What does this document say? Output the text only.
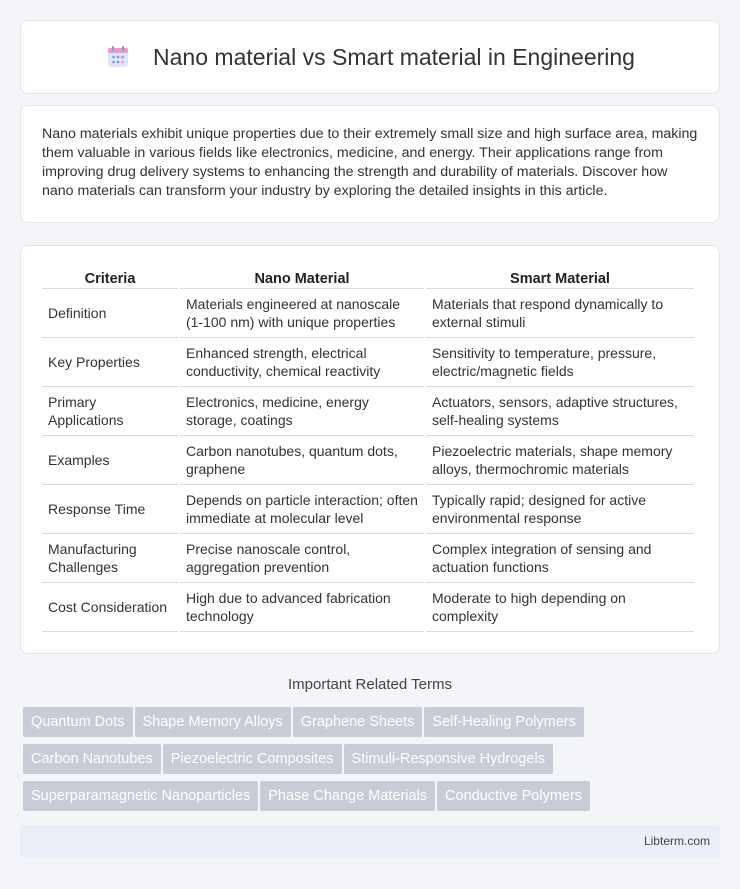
Nano material vs Smart material in Engineering

Nano materials exhibit unique properties due to their extremely small size and high surface area, making them valuable in various fields like electronics, medicine, and energy. Their applications range from improving drug delivery systems to enhancing the strength and durability of materials. Discover how nano materials can transform your industry by exploring the detailed insights in this article.

Criteria	Nano Material	Smart Material
Definition	Materials engineered at nanoscale (1-100 nm) with unique properties	Materials that respond dynamically to external stimuli
Key Properties	Enhanced strength, electrical conductivity, chemical reactivity	Sensitivity to temperature, pressure, electric/magnetic fields
Primary Applications	Electronics, medicine, energy storage, coatings	Actuators, sensors, adaptive structures, self-healing systems
Examples	Carbon nanotubes, quantum dots, graphene	Piezoelectric materials, shape memory alloys, thermochromic materials
Response Time	Depends on particle interaction; often immediate at molecular level	Typically rapid; designed for active environmental response
Manufacturing Challenges	Precise nanoscale control, aggregation prevention	Complex integration of sensing and actuation functions
Cost Consideration	High due to advanced fabrication technology	Moderate to high depending on complexity
Important Related Terms
Quantum Dots Shape Memory Alloys Graphene Sheets Self-Healing Polymers
Carbon Nanotubes Piezoelectric Composites Stimuli-Responsive Hydrogels
Superparamagnetic Nanoparticles Phase Change Materials Conductive Polymers
Libterm.com
